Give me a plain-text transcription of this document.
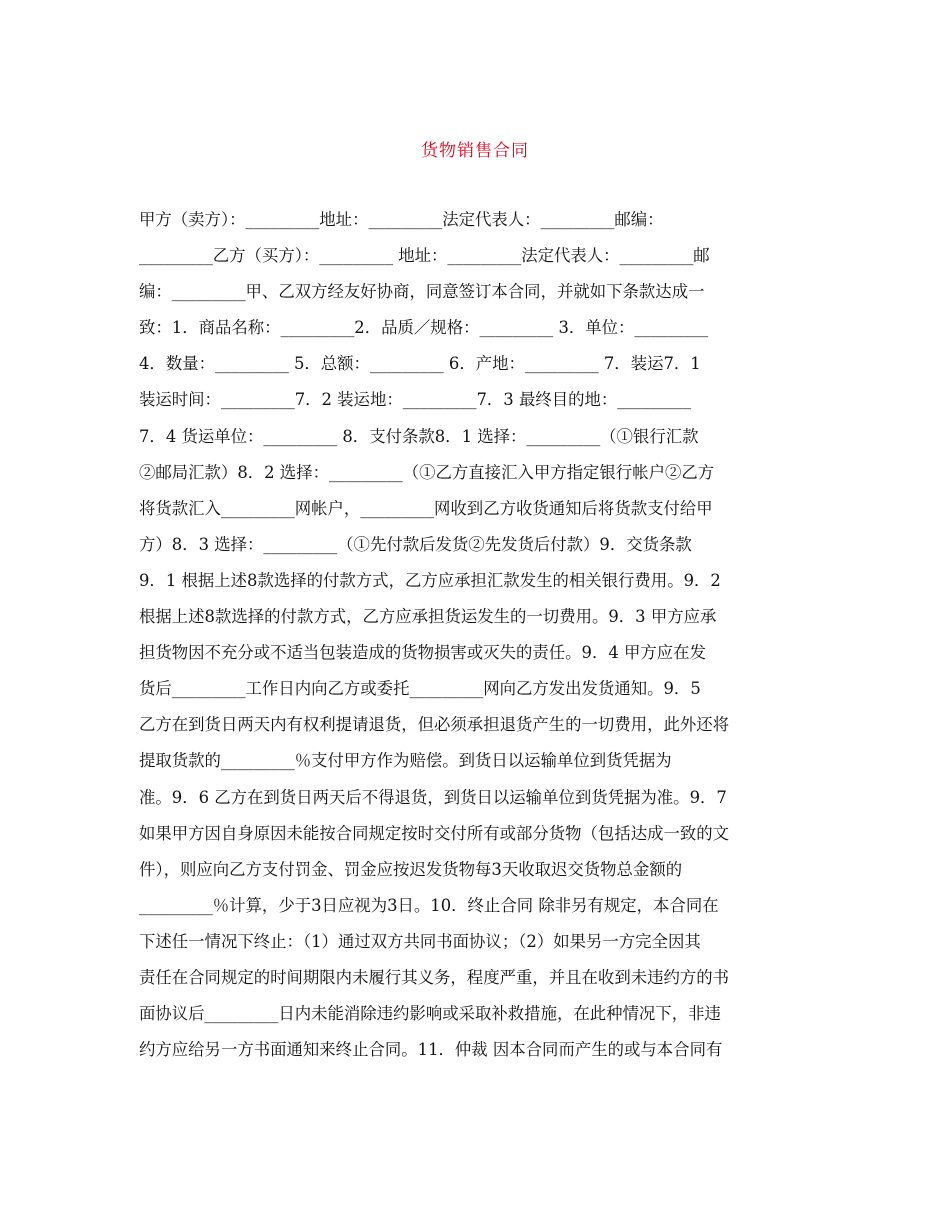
货物销售合同
甲方（卖方）：_________地址：_________法定代表人：_________邮编：
_________乙方（买方）：_________ 地址：_________法定代表人：_________邮
编：_________甲、乙双方经友好协商，同意签订本合同，并就如下条款达成一
致：1．商品名称：_________2．品质／规格：_________ 3．单位：_________
4．数量：_________ 5．总额：_________ 6．产地：_________ 7．装运7．1
装运时间：_________7．2 装运地：_________7．3 最终目的地：_________
7．4 货运单位：_________ 8．支付条款8．1 选择：_________（①银行汇款
②邮局汇款）8．2 选择：_________（①乙方直接汇入甲方指定银行帐户②乙方
将货款汇入_________网帐户，_________网收到乙方收货通知后将货款支付给甲
方）8．3 选择：_________（①先付款后发货②先发货后付款）9．交货条款
9．1 根据上述8款选择的付款方式，乙方应承担汇款发生的相关银行费用。9．2
根据上述8款选择的付款方式，乙方应承担货运发生的一切费用。9．3 甲方应承
担货物因不充分或不适当包装造成的货物损害或灭失的责任。9．4 甲方应在发
货后_________工作日内向乙方或委托_________网向乙方发出发货通知。9．5
乙方在到货日两天内有权利提请退货，但必须承担退货产生的一切费用，此外还将
提取货款的_________％支付甲方作为赔偿。到货日以运输单位到货凭据为
准。9．6 乙方在到货日两天后不得退货，到货日以运输单位到货凭据为准。9．7
如果甲方因自身原因未能按合同规定按时交付所有或部分货物（包括达成一致的文
件），则应向乙方支付罚金、罚金应按迟发货物每3天收取迟交货物总金额的
_________％计算，少于3日应视为3日。10．终止合同 除非另有规定，本合同在
下述任一情况下终止：（1）通过双方共同书面协议；（2）如果另一方完全因其
责任在合同规定的时间期限内未履行其义务，程度严重，并且在收到未违约方的书
面协议后_________日内未能消除违约影响或采取补救措施，在此种情况下，非违
约方应给另一方书面通知来终止合同。11．仲裁 因本合同而产生的或与本合同有
